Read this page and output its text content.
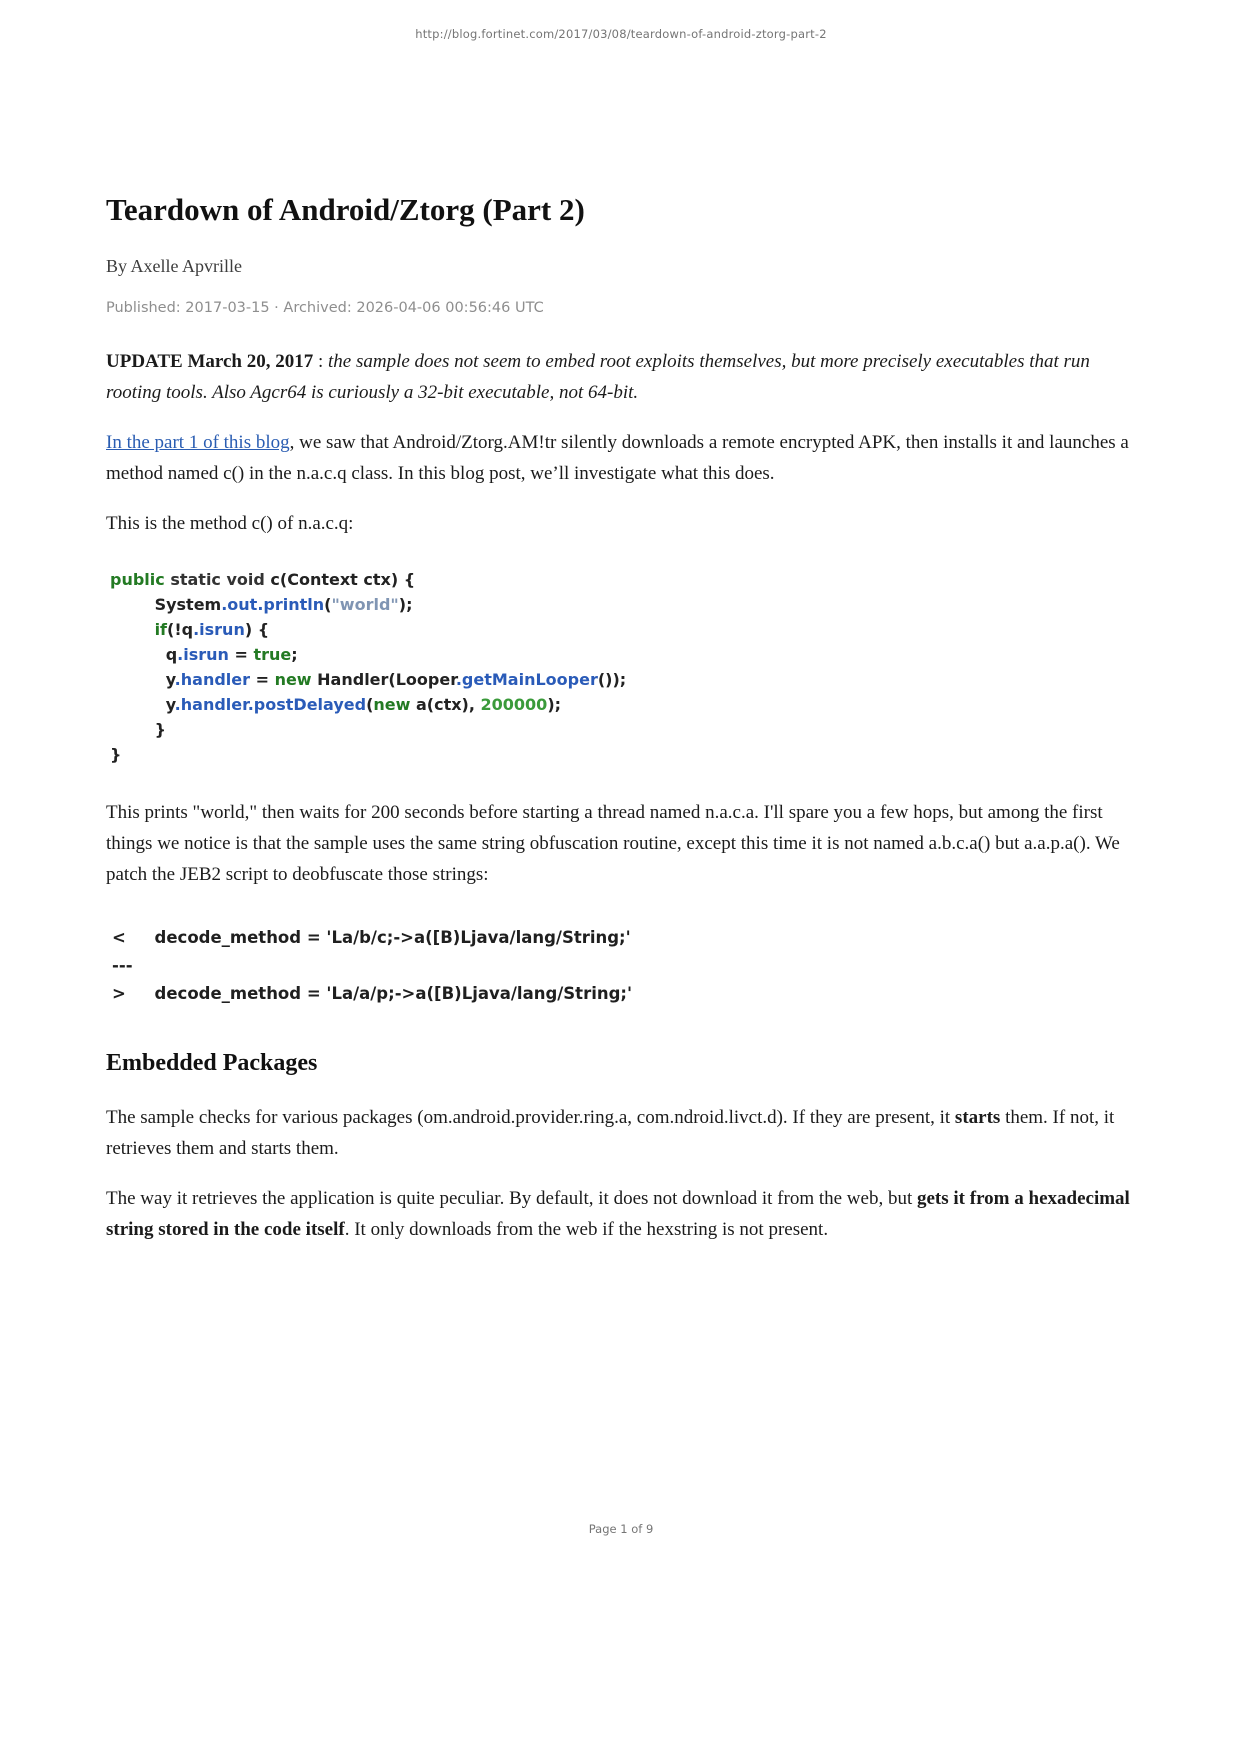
http://blog.fortinet.com/2017/03/08/teardown-of-android-ztorg-part-2
Teardown of Android/Ztorg (Part 2)

By Axelle Apvrille

Published: 2017-03-15 · Archived: 2026-04-06 00:56:46 UTC

UPDATE March 20, 2017 : the sample does not seem to embed root exploits themselves, but more precisely executables that run rooting tools. Also Agcr64 is curiously a 32-bit executable, not 64-bit.

In the part 1 of this blog, we saw that Android/Ztorg.AM!tr silently downloads a remote encrypted APK, then installs it and launches a method named c() in the n.a.c.q class. In this blog post, we’ll investigate what this does.

This is the method c() of n.a.c.q:

public static void c(Context ctx) {
System.out.println("world");
if(!q.isrun) {
q.isrun = true;
y.handler = new Handler(Looper.getMainLooper());
y.handler.postDelayed(new a(ctx), 200000);
}
}

This prints "world," then waits for 200 seconds before starting a thread named n.a.c.a. I'll spare you a few hops, but among the first things we notice is that the sample uses the same string obfuscation routine, except this time it is not named a.b.c.a() but a.a.p.a(). We patch the JEB2 script to deobfuscate those strings:

<     decode_method = 'La/b/c;->a([B)Ljava/lang/String;'
---
>     decode_method = 'La/a/p;->a([B)Ljava/lang/String;'
Embedded Packages

The sample checks for various packages (om.android.provider.ring.a, com.ndroid.livct.d). If they are present, it starts them. If not, it retrieves them and starts them.

The way it retrieves the application is quite peculiar. By default, it does not download it from the web, but gets it from a hexadecimal string stored in the code itself. It only downloads from the web if the hexstring is not present.

Page 1 of 9
